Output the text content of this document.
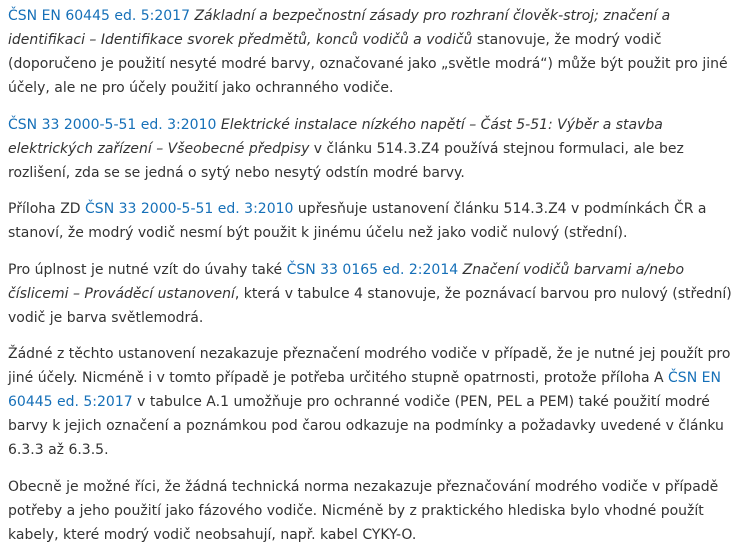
ČSN EN 60445 ed. 5:2017 Základní a bezpečnostní zásady pro rozhraní člověk-stroj; značení a identifikaci – Identifikace svorek předmětů, konců vodičů a vodičů stanovuje, že modrý vodič (doporučeno je použití nesyté modré barvy, označované jako „světle modrá“) může být použit pro jiné účely, ale ne pro účely použití jako ochranného vodiče.

ČSN 33 2000-5-51 ed. 3:2010 Elektrické instalace nízkého napětí – Část 5-51: Výběr a stavba elektrických zařízení – Všeobecné předpisy v článku 514.3.Z4 používá stejnou formulaci, ale bez rozlišení, zda se se jedná o sytý nebo nesytý odstín modré barvy.

Příloha ZD ČSN 33 2000-5-51 ed. 3:2010 upřesňuje ustanovení článku 514.3.Z4 v podmínkách ČR a stanoví, že modrý vodič nesmí být použit k jinému účelu než jako vodič nulový (střední).

Pro úplnost je nutné vzít do úvahy také ČSN 33 0165 ed. 2:2014 Značení vodičů barvami a/nebo číslicemi – Prováděcí ustanovení, která v tabulce 4 stanovuje, že poznávací barvou pro nulový (střední) vodič je barva světlemodrá.

Žádné z těchto ustanovení nezakazuje přeznačení modrého vodiče v případě, že je nutné jej použít pro jiné účely. Nicméně i v tomto případě je potřeba určitého stupně opatrnosti, protože příloha A ČSN EN 60445 ed. 5:2017 v tabulce A.1 umožňuje pro ochranné vodiče (PEN, PEL a PEM) také použití modré barvy k jejich označení a poznámkou pod čarou odkazuje na podmínky a požadavky uvedené v článku 6.3.3 až 6.3.5.

Obecně je možné říci, že žádná technická norma nezakazuje přeznačování modrého vodiče v případě potřeby a jeho použití jako fázového vodiče. Nicméně by z praktického hlediska bylo vhodné použít kabely, které modrý vodič neobsahují, např. kabel CYKY-O.
